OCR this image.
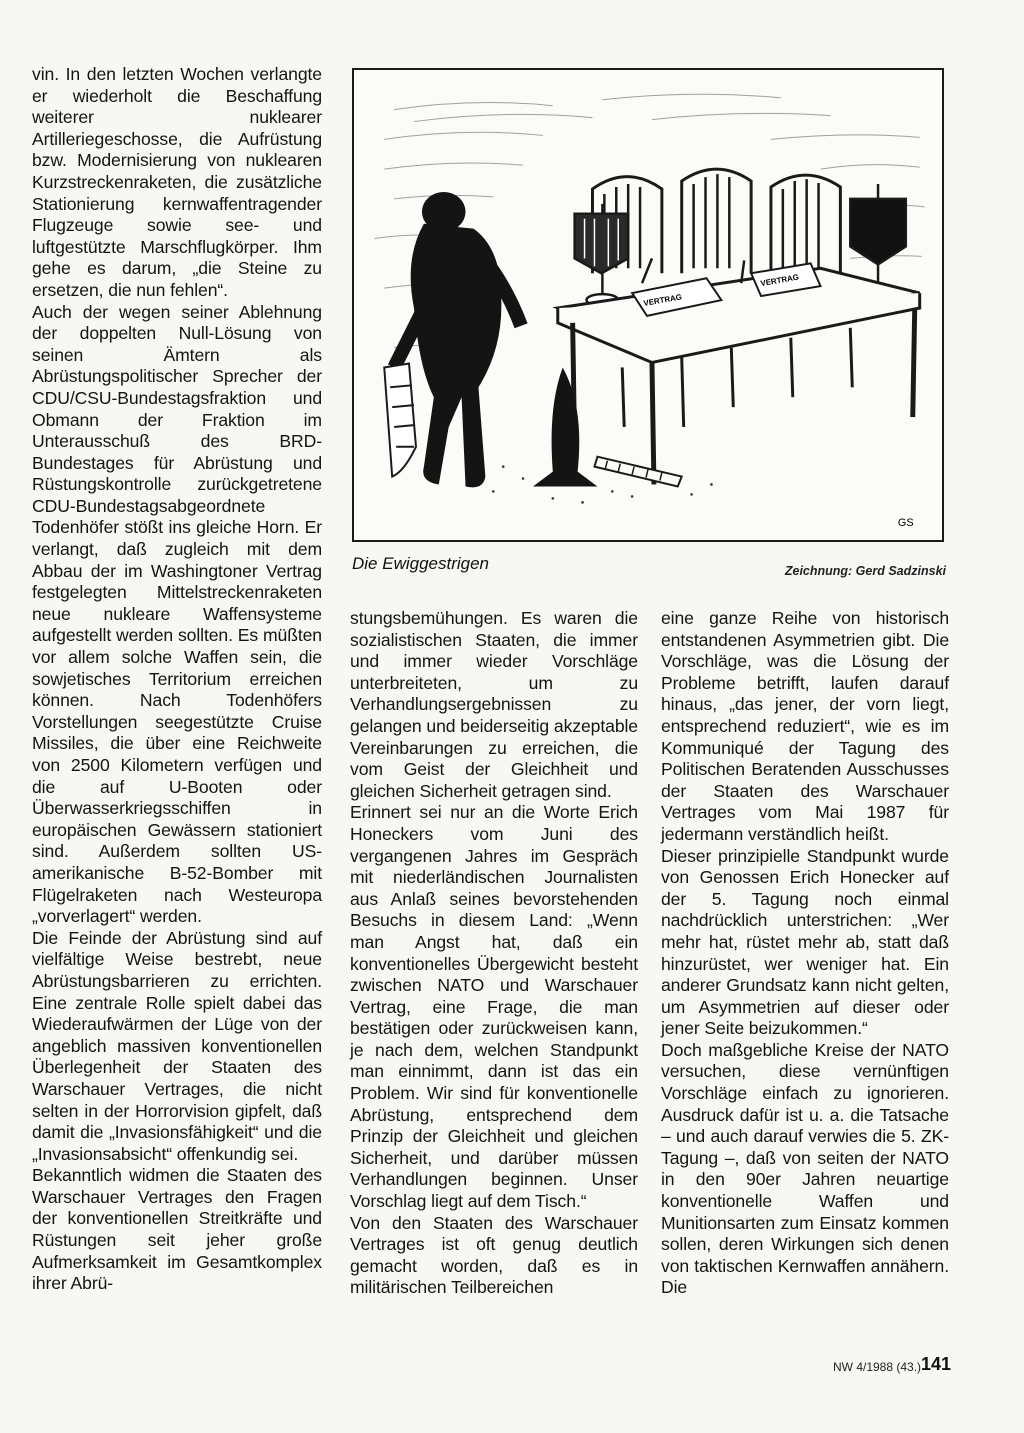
vin. In den letzten Wochen verlangte er wiederholt die Beschaffung weiterer nuklearer Artilleriegeschosse, die Aufrüstung bzw. Modernisierung von nuklearen Kurzstreckenraketen, die zusätzliche Stationierung kernwaffentragender Flugzeuge sowie see- und luftgestützte Marschflugkörper. Ihm gehe es darum, „die Steine zu ersetzen, die nun fehlen“.

Auch der wegen seiner Ablehnung der doppelten Null-Lösung von seinen Ämtern als Abrüstungspolitischer Sprecher der CDU/CSU-Bundestagsfraktion und Obmann der Fraktion im Unterausschuß des BRD-Bundestages für Abrüstung und Rüstungskontrolle zurückgetretene CDU-Bundestagsabgeordnete Todenhöfer stößt ins gleiche Horn. Er verlangt, daß zugleich mit dem Abbau der im Washingtoner Vertrag festgelegten Mittelstreckenraketen neue nukleare Waffensysteme aufgestellt werden sollten. Es müßten vor allem solche Waffen sein, die sowjetisches Territorium erreichen können. Nach Todenhöfers Vorstellungen seegestützte Cruise Missiles, die über eine Reichweite von 2500 Kilometern verfügen und die auf U-Booten oder Überwasserkriegsschiffen in europäischen Gewässern stationiert sind. Außerdem sollten US-amerikanische B-52-Bomber mit Flügelraketen nach Westeuropa „vorverlagert“ werden.

Die Feinde der Abrüstung sind auf vielfältige Weise bestrebt, neue Abrüstungsbarrieren zu errichten. Eine zentrale Rolle spielt dabei das Wiederaufwärmen der Lüge von der angeblich massiven konventionellen Überlegenheit der Staaten des Warschauer Vertrages, die nicht selten in der Horrorvision gipfelt, daß damit die „Invasionsfähigkeit“ und die „Invasionsabsicht“ offenkundig sei.

Bekanntlich widmen die Staaten des Warschauer Vertrages den Fragen der konventionellen Streitkräfte und Rüstungen seit jeher große Aufmerksamkeit im Gesamtkomplex ihrer Abrü-

VERTRAG
VERTRAG
GS
Die Ewiggestrigen	Zeichnung: Gerd Sadzinski

stungsbemühungen. Es waren die sozialistischen Staaten, die immer und immer wieder Vorschläge unterbreiteten, um zu Verhandlungsergebnissen zu gelangen und beiderseitig akzeptable Vereinbarungen zu erreichen, die vom Geist der Gleichheit und gleichen Sicherheit getragen sind.

Erinnert sei nur an die Worte Erich Honeckers vom Juni des vergangenen Jahres im Gespräch mit niederländischen Journalisten aus Anlaß seines bevorstehenden Besuchs in diesem Land: „Wenn man Angst hat, daß ein konventionelles Übergewicht besteht zwischen NATO und Warschauer Vertrag, eine Frage, die man bestätigen oder zurückweisen kann, je nach dem, welchen Standpunkt man einnimmt, dann ist das ein Problem. Wir sind für konventionelle Abrüstung, entsprechend dem Prinzip der Gleichheit und gleichen Sicherheit, und darüber müssen Verhandlungen beginnen. Unser Vorschlag liegt auf dem Tisch.“

Von den Staaten des Warschauer Vertrages ist oft genug deutlich gemacht worden, daß es in militärischen Teilbereichen

eine ganze Reihe von historisch entstandenen Asymmetrien gibt. Die Vorschläge, was die Lösung der Probleme betrifft, laufen darauf hinaus, „das jener, der vorn liegt, entsprechend reduziert“, wie es im Kommuniqué der Tagung des Politischen Beratenden Ausschusses der Staaten des Warschauer Vertrages vom Mai 1987 für jedermann verständlich heißt.

Dieser prinzipielle Standpunkt wurde von Genossen Erich Honecker auf der 5. Tagung noch einmal nachdrücklich unterstrichen: „Wer mehr hat, rüstet mehr ab, statt daß hinzurüstet, wer weniger hat. Ein anderer Grundsatz kann nicht gelten, um Asymmetrien auf dieser oder jener Seite beizukommen.“

Doch maßgebliche Kreise der NATO versuchen, diese vernünftigen Vorschläge einfach zu ignorieren. Ausdruck dafür ist u. a. die Tatsache – und auch darauf verwies die 5. ZK-Tagung –, daß von seiten der NATO in den 90er Jahren neuartige konventionelle Waffen und Munitionsarten zum Einsatz kommen sollen, deren Wirkungen sich denen von taktischen Kernwaffen annähern. Die

NW 4/1988 (43.) 141
